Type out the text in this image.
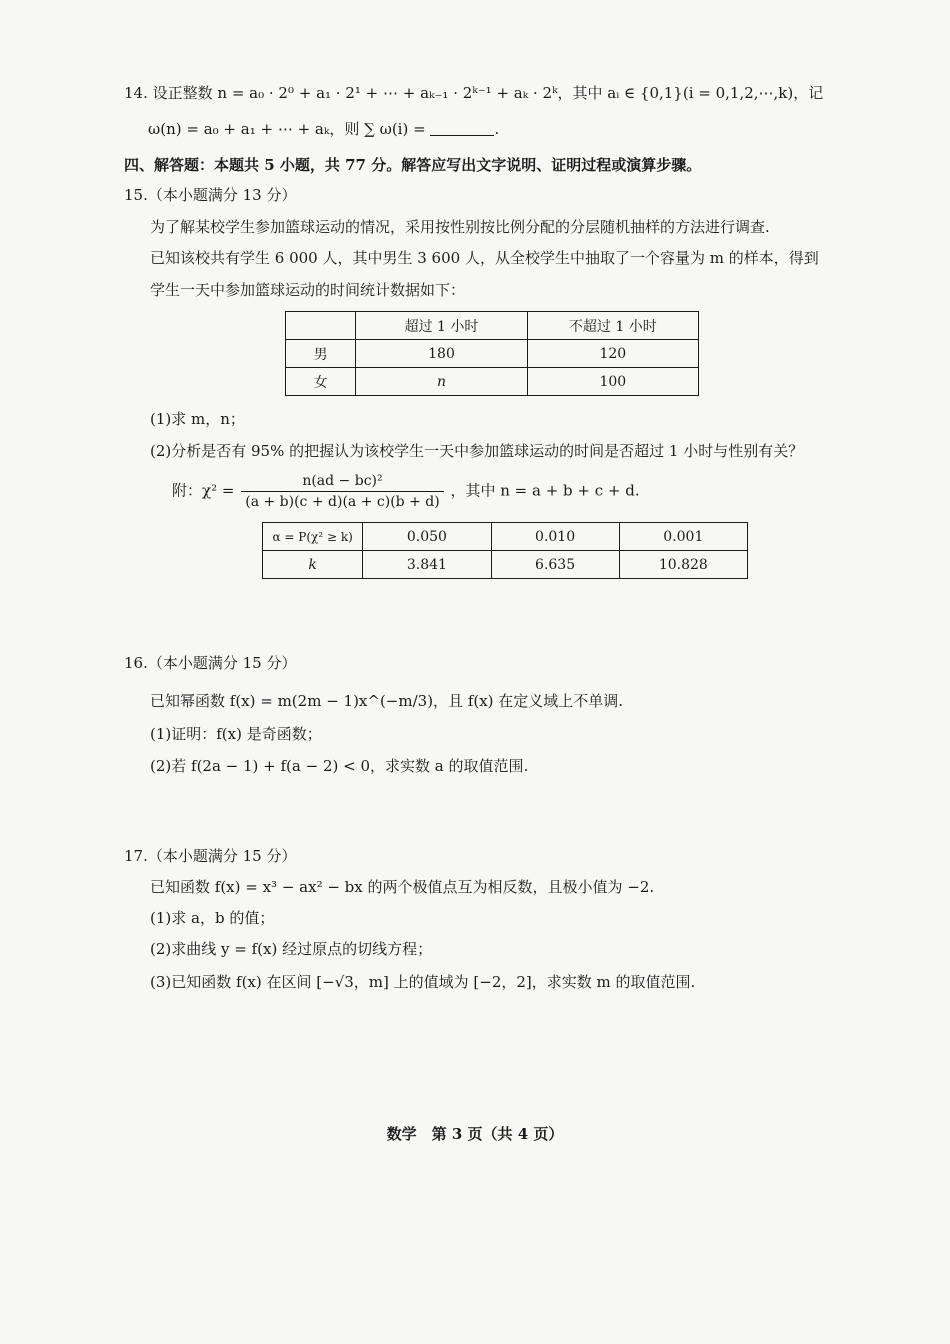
14. 设正整数 n = a₀ · 2⁰ + a₁ · 2¹ + ⋯ + aₖ₋₁ · 2ᵏ⁻¹ + aₖ · 2ᵏ，其中 aᵢ ∈ {0,1}(i = 0,1,2,⋯,k)，记
ω(n) = a₀ + a₁ + ⋯ + aₖ，则 ∑ ω(i) =	.
四、解答题：本题共 5 小题，共 77 分。解答应写出文字说明、证明过程或演算步骤。
15.（本小题满分 13 分）
为了解某校学生参加篮球运动的情况，采用按性别按比例分配的分层随机抽样的方法进行调查.
已知该校共有学生 6 000 人，其中男生 3 600 人，从全校学生中抽取了一个容量为 m 的样本，得到
学生一天中参加篮球运动的时间统计数据如下：
	超过 1 小时	不超过 1 小时
男	180	120
女	n	100
(1)求 m，n；
(2)分析是否有 95% 的把握认为该校学生一天中参加篮球运动的时间是否超过 1 小时与性别有关？
附：$\chi^2 = \frac{\text{n(ad − bc)²}}{(a + b)(c + d)(a + c)(b + d)}$ ，其中 n = a + b + c + d.
α = P(χ² ≥ k)	0.050	0.010	0.001
k	3.841	6.635	10.828
16.（本小题满分 15 分）
已知幂函数 f(x) = m(2m − 1)x^(−m/3)，且 f(x) 在定义域上不单调.
(1)证明：f(x) 是奇函数；
(2)若 f(2a − 1) + f(a − 2) < 0，求实数 a 的取值范围.
17.（本小题满分 15 分）
已知函数 f(x) = x³ − ax² − bx 的两个极值点互为相反数，且极小值为 −2.
(1)求 a，b 的值；
(2)求曲线 y = f(x) 经过原点的切线方程；
(3)已知函数 f(x) 在区间 [−√3，m] 上的值域为 [−2，2]，求实数 m 的取值范围.
数学　第 3 页（共 4 页）
